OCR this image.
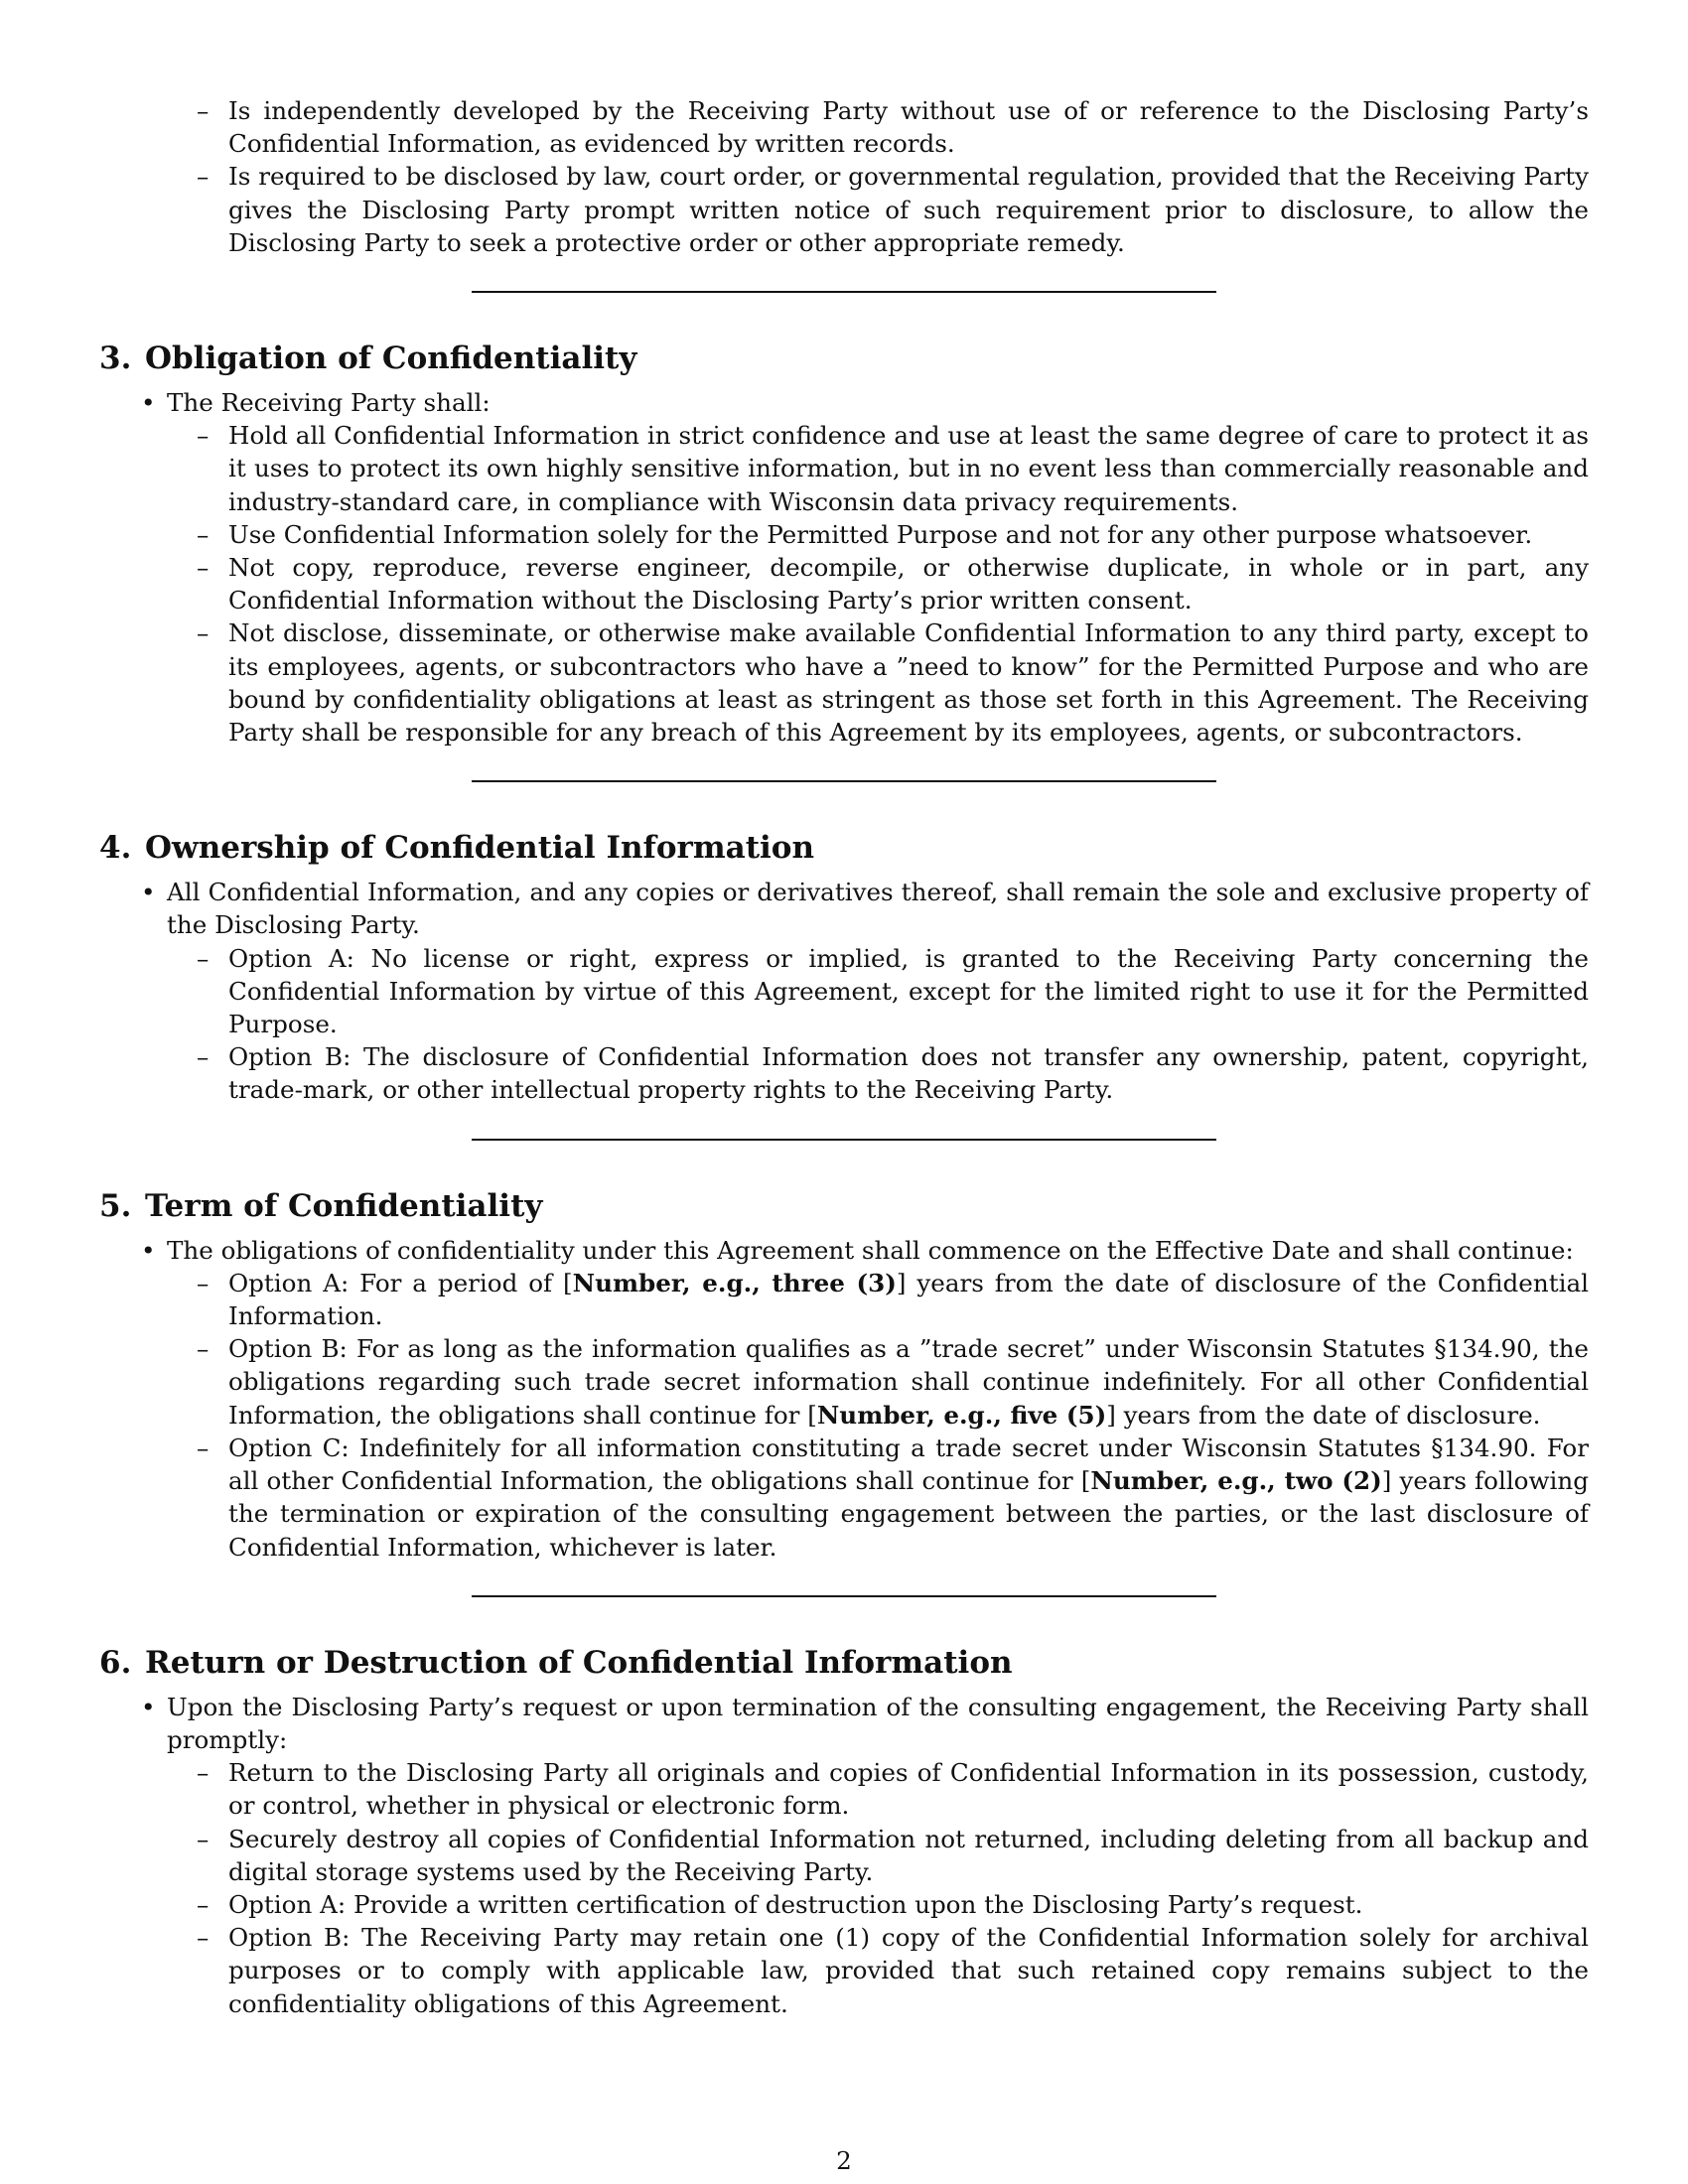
– Is independently developed by the Receiving Party without use of or reference to the Disclosing Party’s Confidential Information, as evidenced by written records.
– Is required to be disclosed by law, court order, or governmental regulation, provided that the Receiving Party gives the Disclosing Party prompt written notice of such requirement prior to disclosure, to allow the Disclosing Party to seek a protective order or other appropriate remedy.
3. Obligation of Confidentiality
• The Receiving Party shall:
– Hold all Confidential Information in strict confidence and use at least the same degree of care to protect it as it uses to protect its own highly sensitive information, but in no event less than commercially reasonable and industry-standard care, in compliance with Wisconsin data privacy requirements.
– Use Confidential Information solely for the Permitted Purpose and not for any other purpose whatsoever.
– Not copy, reproduce, reverse engineer, decompile, or otherwise duplicate, in whole or in part, any Confidential Information without the Disclosing Party’s prior written consent.
– Not disclose, disseminate, or otherwise make available Confidential Information to any third party, except to its employees, agents, or subcontractors who have a ”need to know” for the Permitted Purpose and who are bound by confidentiality obligations at least as stringent as those set forth in this Agreement. The Receiving Party shall be responsible for any breach of this Agreement by its employees, agents, or subcontractors.
4. Ownership of Confidential Information
• All Confidential Information, and any copies or derivatives thereof, shall remain the sole and exclusive property of the Disclosing Party.
– Option A: No license or right, express or implied, is granted to the Receiving Party concerning the Confidential Information by virtue of this Agreement, except for the limited right to use it for the Permitted Purpose.
– Option B: The disclosure of Confidential Information does not transfer any ownership, patent, copyright, trade-mark, or other intellectual property rights to the Receiving Party.
5. Term of Confidentiality
• The obligations of confidentiality under this Agreement shall commence on the Effective Date and shall continue:
– Option A: For a period of [Number, e.g., three (3)] years from the date of disclosure of the Confidential Information.
– Option B: For as long as the information qualifies as a ”trade secret” under Wisconsin Statutes §134.90, the obligations regarding such trade secret information shall continue indefinitely. For all other Confidential Information, the obligations shall continue for [Number, e.g., five (5)] years from the date of disclosure.
– Option C: Indefinitely for all information constituting a trade secret under Wisconsin Statutes §134.90. For all other Confidential Information, the obligations shall continue for [Number, e.g., two (2)] years following the termination or expiration of the consulting engagement between the parties, or the last disclosure of Confidential Information, whichever is later.
6. Return or Destruction of Confidential Information
• Upon the Disclosing Party’s request or upon termination of the consulting engagement, the Receiving Party shall promptly:
– Return to the Disclosing Party all originals and copies of Confidential Information in its possession, custody, or control, whether in physical or electronic form.
– Securely destroy all copies of Confidential Information not returned, including deleting from all backup and digital storage systems used by the Receiving Party.
– Option A: Provide a written certification of destruction upon the Disclosing Party’s request.
– Option B: The Receiving Party may retain one (1) copy of the Confidential Information solely for archival purposes or to comply with applicable law, provided that such retained copy remains subject to the confidentiality obligations of this Agreement.
2
